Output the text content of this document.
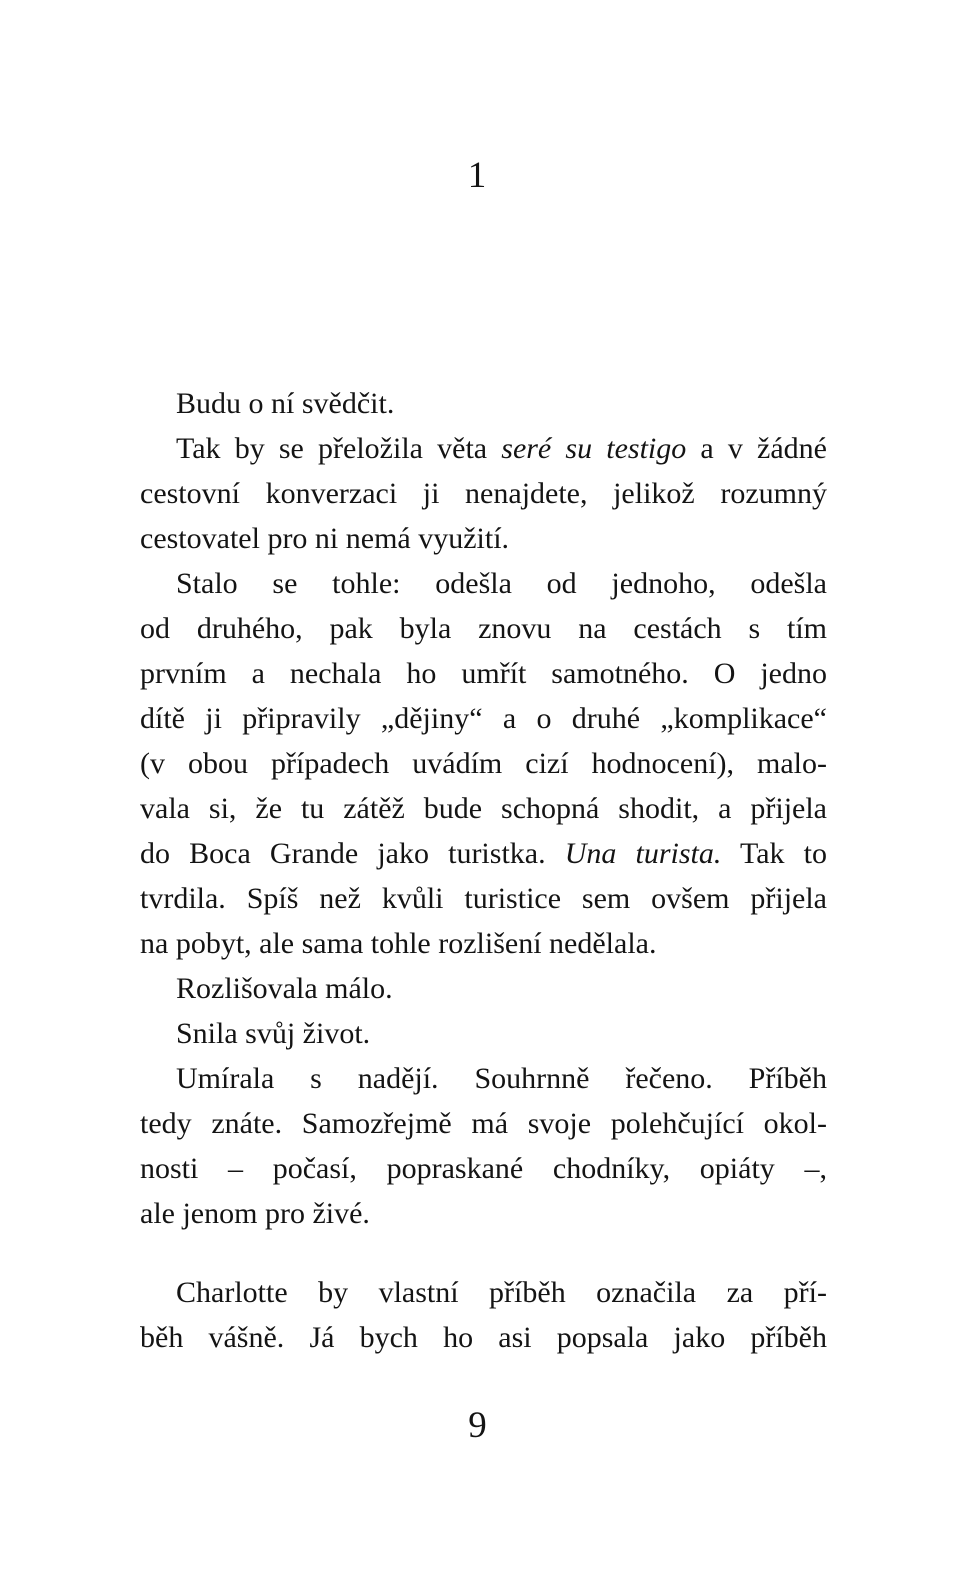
1
Budu o ní svědčit.
Tak by se přeložila věta seré su testigo a v žádné
cestovní konverzaci ji nenajdete, jelikož rozumný
cestovatel pro ni nemá využití.
Stalo se tohle: odešla od jednoho, odešla
od druhého, pak byla znovu na cestách s tím
prvním a nechala ho umřít samotného. O jedno
dítě ji připravily „dějiny“ a o druhé „komplikace“
(v obou případech uvádím cizí hodnocení), malo-
vala si, že tu zátěž bude schopná shodit, a přijela
do Boca Grande jako turistka. Una turista. Tak to
tvrdila. Spíš než kvůli turistice sem ovšem přijela
na pobyt, ale sama tohle rozlišení nedělala.
Rozlišovala málo.
Snila svůj život.
Umírala s nadějí. Souhrnně řečeno. Příběh
tedy znáte. Samozřejmě má svoje polehčující okol-
nosti – počasí, popraskané chodníky, opiáty –,
ale jenom pro živé.
Charlotte by vlastní příběh označila za pří-
běh vášně. Já bych ho asi popsala jako příběh
9
